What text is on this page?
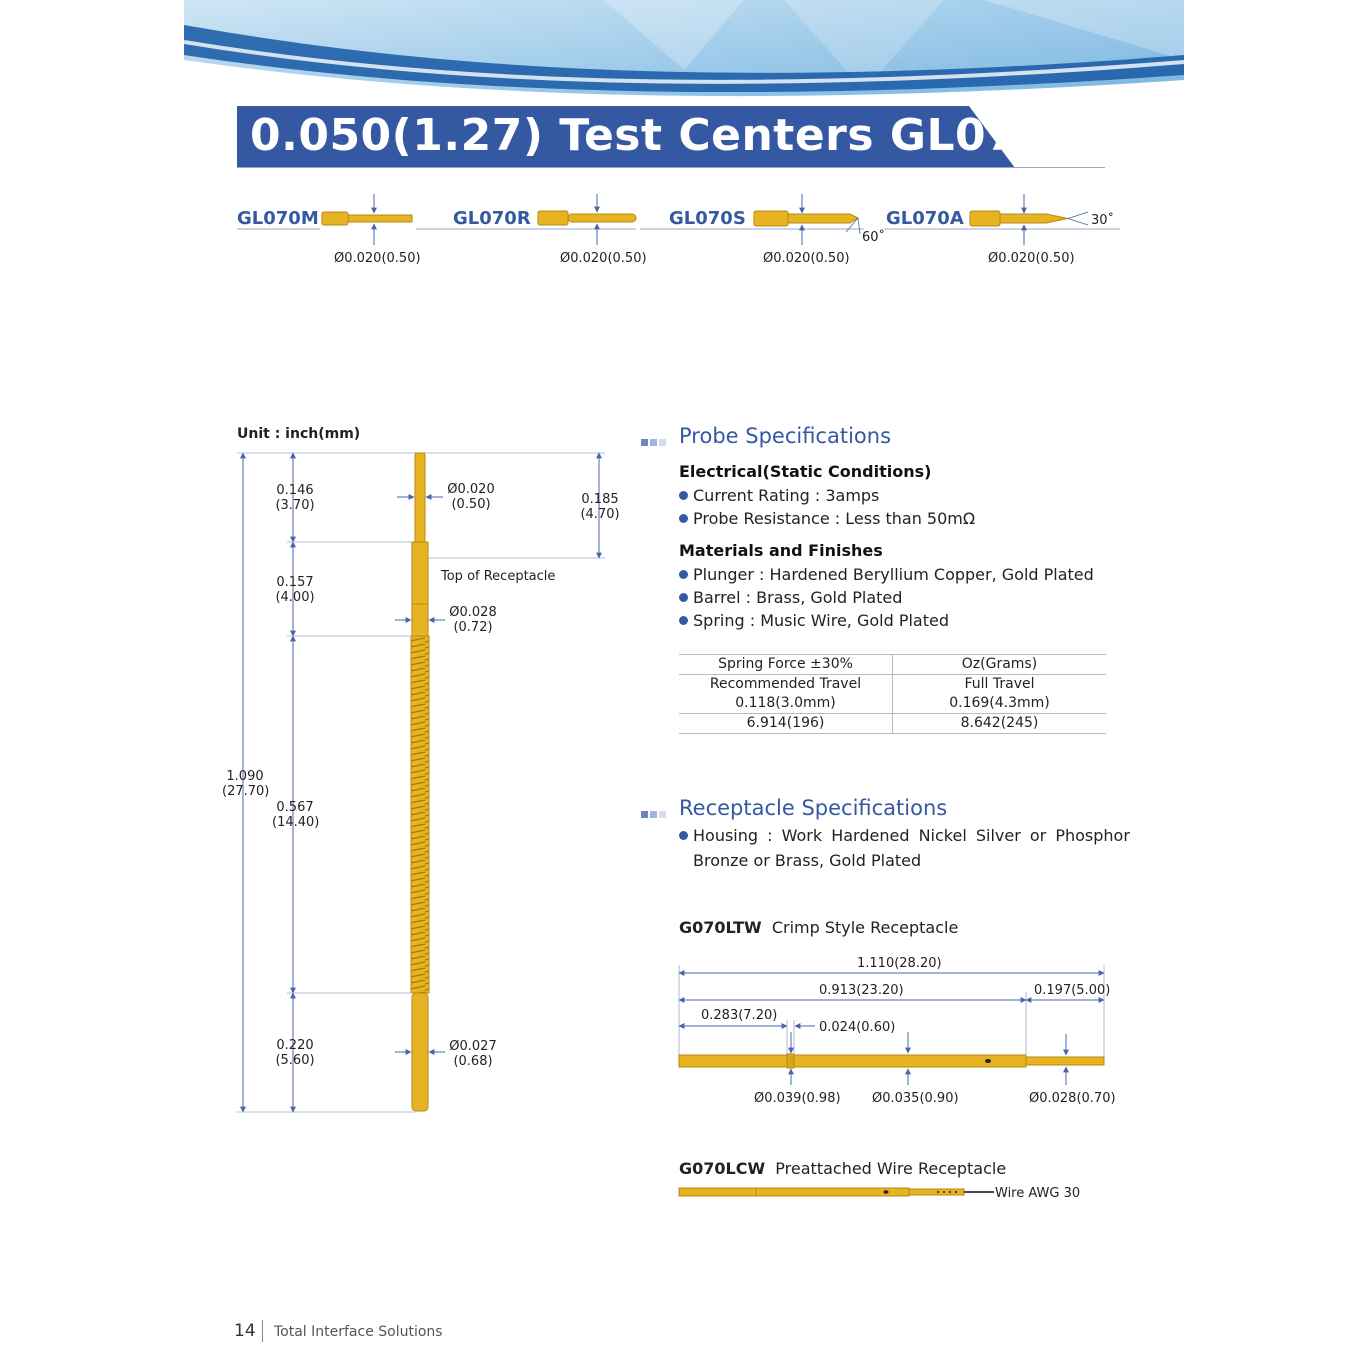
0.050(1.27) Test Centers GL070
GL070M	GL070R	GL070S	GL070A
Ø0.020(0.50)	Ø0.020(0.50)	Ø0.020(0.50)	Ø0.020(0.50)
60˚
30˚
Unit : inch(mm)
1.090
(27.70)
0.146
(3.70)
0.157
(4.00)
0.567
(14.40)
0.220
(5.60)
Ø0.020
(0.50)	0.185
(4.70)
Top of Receptacle
Ø0.028
(0.72)
Ø0.027
(0.68)
Probe Specifications
Electrical(Static Conditions)
Current Rating : 3amps
Probe Resistance : Less than 50mΩ
Materials and Finishes
Plunger : Hardened Beryllium Copper, Gold Plated
Barrel : Brass, Gold Plated
Spring : Music Wire, Gold Plated
Spring Force ±30%	Oz(Grams)
Recommended Travel	Full Travel
0.118(3.0mm)	0.169(4.3mm)
6.914(196)	8.642(245)
Receptacle Specifications
Housing : Work Hardened Nickel Silver or Phosphor
Bronze or Brass, Gold Plated
G070LTW Crimp Style Receptacle
1.110(28.20)
0.913(23.20)	0.197(5.00)
0.283(7.20)
0.024(0.60)
Ø0.039(0.98) Ø0.035(0.90)	Ø0.028(0.70)
G070LCW Preattached Wire Receptacle
Wire AWG 30
14 Total Interface Solutions
